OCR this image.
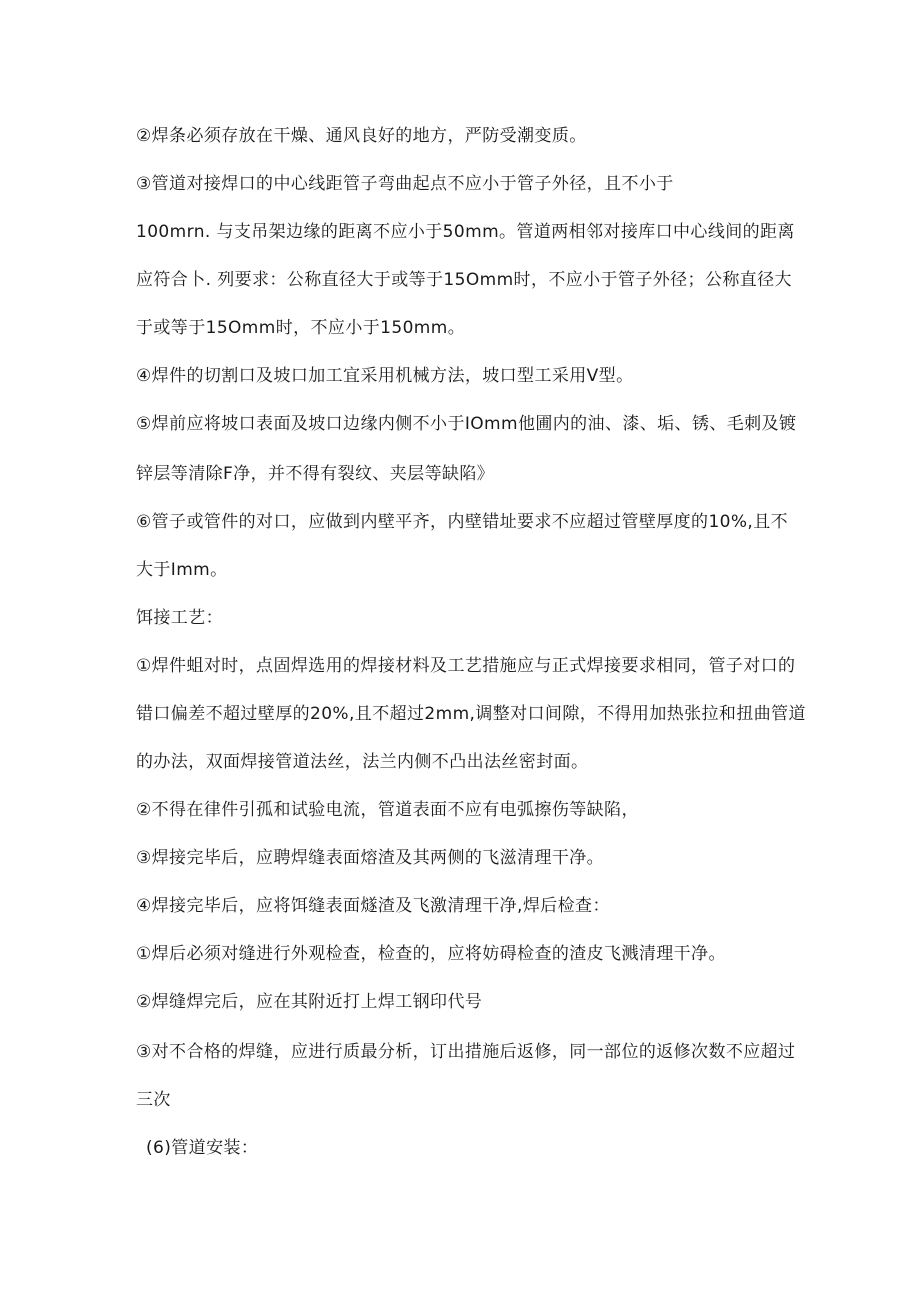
②焊条必须存放在干燥、通风良好的地方，严防受潮变质。
③管道对接焊口的中心线距管子弯曲起点不应小于管子外径，且不小于
100mrn. 与支吊架边缘的距离不应小于50mm。管道两相邻对接库口中心线间的距离
应符合卜. 列要求：公称直径大于或等于15Omm时，不应小于管子外径；公称直径大
于或等于15Omm时，不应小于150mm。
④焊件的切割口及坡口加工宜采用机械方法，坡口型工采用V型。
⑤焊前应将坡口表面及坡口边缘内侧不小于IOmm他圃内的油、漆、垢、锈、毛刺及镀
锌层等清除F净，并不得有裂纹、夹层等缺陷》
⑥管子或管件的对口，应做到内壁平齐，内壁错址要求不应超过管壁厚度的10%,且不
大于Imm。
饵接工艺：
①焊件蛆对时，点固焊选用的焊接材料及工艺措施应与正式焊接要求相同，管子对口的
错口偏差不超过壁厚的20%,且不超过2mm,调整对口间隙，不得用加热张拉和扭曲管道
的办法，双面焊接管道法丝，法兰内侧不凸出法丝密封面。
②不得在律件引孤和试验电流，管道表面不应有电弧擦伤等缺陷，
③焊接完毕后，应聘焊缝表面熔渣及其两侧的飞滋清理干净。
④焊接完毕后，应将饵缝表面燧渣及飞激清理干净,焊后检查：
①焊后必须对缝进行外观检查，检查的，应将妨碍检查的渣皮飞溅清理干净。
②焊缝焊完后，应在其附近打上焊工钢印代号
③对不合格的焊缝，应进行质最分析，订出措施后返修，同一部位的返修次数不应超过
三次
(6)管道安装：
